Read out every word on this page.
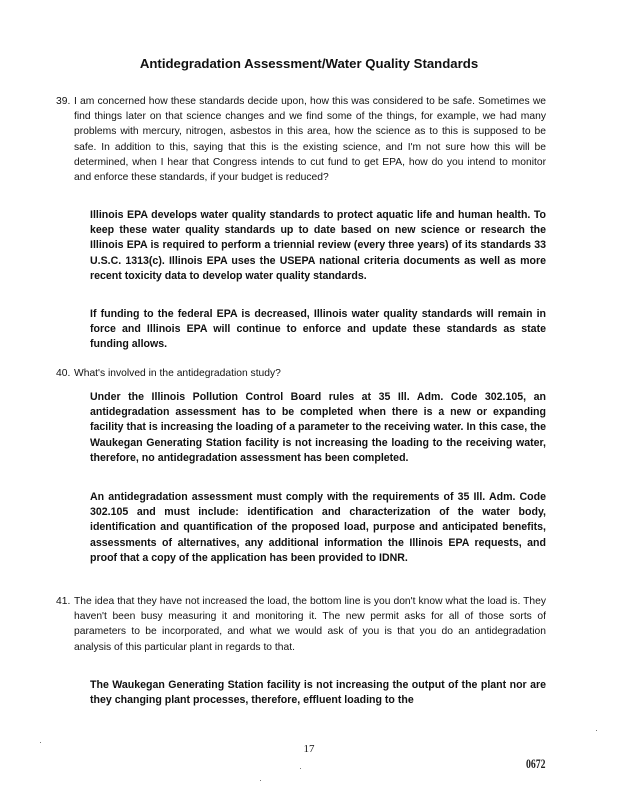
Antidegradation Assessment/Water Quality Standards
39. I am concerned how these standards decide upon, how this was considered to be safe. Sometimes we find things later on that science changes and we find some of the things, for example, we had many problems with mercury, nitrogen, asbestos in this area, how the science as to this is supposed to be safe. In addition to this, saying that this is the existing science, and I'm not sure how this will be determined, when I hear that Congress intends to cut fund to get EPA, how do you intend to monitor and enforce these standards, if your budget is reduced?
Illinois EPA develops water quality standards to protect aquatic life and human health. To keep these water quality standards up to date based on new science or research the Illinois EPA is required to perform a triennial review (every three years) of its standards 33 U.S.C. 1313(c). Illinois EPA uses the USEPA national criteria documents as well as more recent toxicity data to develop water quality standards.
If funding to the federal EPA is decreased, Illinois water quality standards will remain in force and Illinois EPA will continue to enforce and update these standards as state funding allows.
40. What's involved in the antidegradation study?
Under the Illinois Pollution Control Board rules at 35 Ill. Adm. Code 302.105, an antidegradation assessment has to be completed when there is a new or expanding facility that is increasing the loading of a parameter to the receiving water. In this case, the Waukegan Generating Station facility is not increasing the loading to the receiving water, therefore, no antidegradation assessment has been completed.
An antidegradation assessment must comply with the requirements of 35 Ill. Adm. Code 302.105 and must include: identification and characterization of the water body, identification and quantification of the proposed load, purpose and anticipated benefits, assessments of alternatives, any additional information the Illinois EPA requests, and proof that a copy of the application has been provided to IDNR.
41. The idea that they have not increased the load, the bottom line is you don't know what the load is. They haven't been busy measuring it and monitoring it. The new permit asks for all of those sorts of parameters to be incorporated, and what we would ask of you is that you do an antidegradation analysis of this particular plant in regards to that.
The Waukegan Generating Station facility is not increasing the output of the plant nor are they changing plant processes, therefore, effluent loading to the
17
0672
